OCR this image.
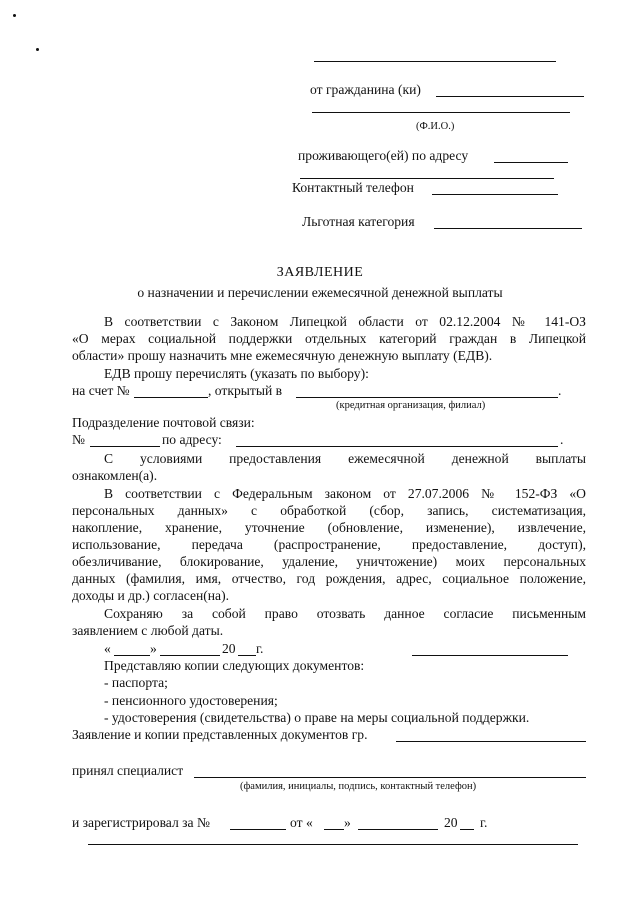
от гражданина (ки)
(Ф.И.О.)
проживающего(ей) по адресу
Контактный телефон
Льготная категория
ЗАЯВЛЕНИЕ
о назначении и перечислении ежемесячной денежной выплаты
В соответствии с Законом Липецкой области от 02.12.2004 № 141-ОЗ
«О мерах социальной поддержки отдельных категорий граждан в Липецкой
области» прошу назначить мне ежемесячную денежную выплату (ЕДВ).
ЕДВ прошу перечислять (указать по выбору):
на счет №	, открытый в	.
(кредитная организация, филиал)
Подразделение почтовой связи:
№	по адресу:	.
С условиями предоставления ежемесячной денежной выплаты
ознакомлен(а).
В соответствии с Федеральным законом от 27.07.2006 № 152-ФЗ «О
персональных данных» с обработкой (сбор, запись, систематизация,
накопление, хранение, уточнение (обновление, изменение), извлечение,
использование, передача (распространение, предоставление, доступ),
обезличивание, блокирование, удаление, уничтожение) моих персональных
данных (фамилия, имя, отчество, год рождения, адрес, социальное положение,
доходы и др.) согласен(на).
Сохраняю за собой право отозвать данное согласие письменным
заявлением с любой даты.
«	»	20 г.
Представляю копии следующих документов:
- паспорта;
- пенсионного удостоверения;
- удостоверения (свидетельства) о праве на меры социальной поддержки.
Заявление и копии представленных документов гр.
принял специалист
(фамилия, инициалы, подпись, контактный телефон)
и зарегистрировал за №	от « »	20 г.
